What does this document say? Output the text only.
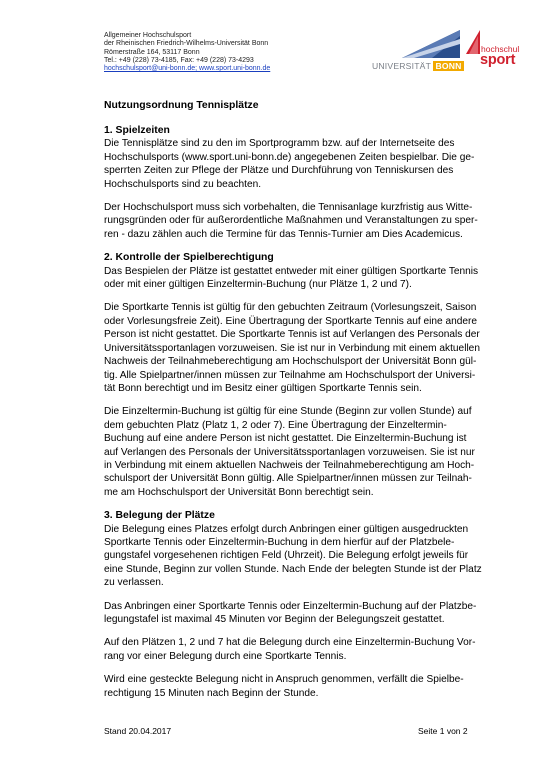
Allgemeiner Hochschulsport
der Rheinischen Friedrich-Wilhelms-Universität Bonn
Römerstraße 164, 53117 Bonn
Tel.: +49 (228) 73-4185, Fax: +49 (228) 73-4293
hochschulsport@uni-bonn.de; www.sport.uni-bonn.de	UNIVERSITÄT BONN
hochschul
sport
Nutzungsordnung Tennisplätze
1. Spielzeiten
Die Tennisplätze sind zu den im Sportprogramm bzw. auf der Internetseite des
Hochschulsports (www.sport.uni-bonn.de) angegebenen Zeiten bespielbar. Die ge-
sperrten Zeiten zur Pflege der Plätze und Durchführung von Tenniskursen des
Hochschulsports sind zu beachten.
Der Hochschulsport muss sich vorbehalten, die Tennisanlage kurzfristig aus Witte-
rungsgründen oder für außerordentliche Maßnahmen und Veranstaltungen zu sper-
ren - dazu zählen auch die Termine für das Tennis-Turnier am Dies Academicus.
2. Kontrolle der Spielberechtigung
Das Bespielen der Plätze ist gestattet entweder mit einer gültigen Sportkarte Tennis
oder mit einer gültigen Einzeltermin-Buchung (nur Plätze 1, 2 und 7).
Die Sportkarte Tennis ist gültig für den gebuchten Zeitraum (Vorlesungszeit, Saison
oder Vorlesungsfreie Zeit). Eine Übertragung der Sportkarte Tennis auf eine andere
Person ist nicht gestattet. Die Sportkarte Tennis ist auf Verlangen des Personals der
Universitätssportanlagen vorzuweisen. Sie ist nur in Verbindung mit einem aktuellen
Nachweis der Teilnahmeberechtigung am Hochschulsport der Universität Bonn gül-
tig. Alle Spielpartner/innen müssen zur Teilnahme am Hochschulsport der Universi-
tät Bonn berechtigt und im Besitz einer gültigen Sportkarte Tennis sein.
Die Einzeltermin-Buchung ist gültig für eine Stunde (Beginn zur vollen Stunde) auf
dem gebuchten Platz (Platz 1, 2 oder 7). Eine Übertragung der Einzeltermin-
Buchung auf eine andere Person ist nicht gestattet. Die Einzeltermin-Buchung ist
auf Verlangen des Personals der Universitätssportanlagen vorzuweisen. Sie ist nur
in Verbindung mit einem aktuellen Nachweis der Teilnahmeberechtigung am Hoch-
schulsport der Universität Bonn gültig. Alle Spielpartner/innen müssen zur Teilnah-
me am Hochschulsport der Universität Bonn berechtigt sein.
3. Belegung der Plätze
Die Belegung eines Platzes erfolgt durch Anbringen einer gültigen ausgedruckten
Sportkarte Tennis oder Einzeltermin-Buchung in dem hierfür auf der Platzbele-
gungstafel vorgesehenen richtigen Feld (Uhrzeit). Die Belegung erfolgt jeweils für
eine Stunde, Beginn zur vollen Stunde. Nach Ende der belegten Stunde ist der Platz
zu verlassen.
Das Anbringen einer Sportkarte Tennis oder Einzeltermin-Buchung auf der Platzbe-
legungstafel ist maximal 45 Minuten vor Beginn der Belegungszeit gestattet.
Auf den Plätzen 1, 2 und 7 hat die Belegung durch eine Einzeltermin-Buchung Vor-
rang vor einer Belegung durch eine Sportkarte Tennis.
Wird eine gesteckte Belegung nicht in Anspruch genommen, verfällt die Spielbe-
rechtigung 15 Minuten nach Beginn der Stunde.
Stand 20.04.2017	Seite 1 von 2
